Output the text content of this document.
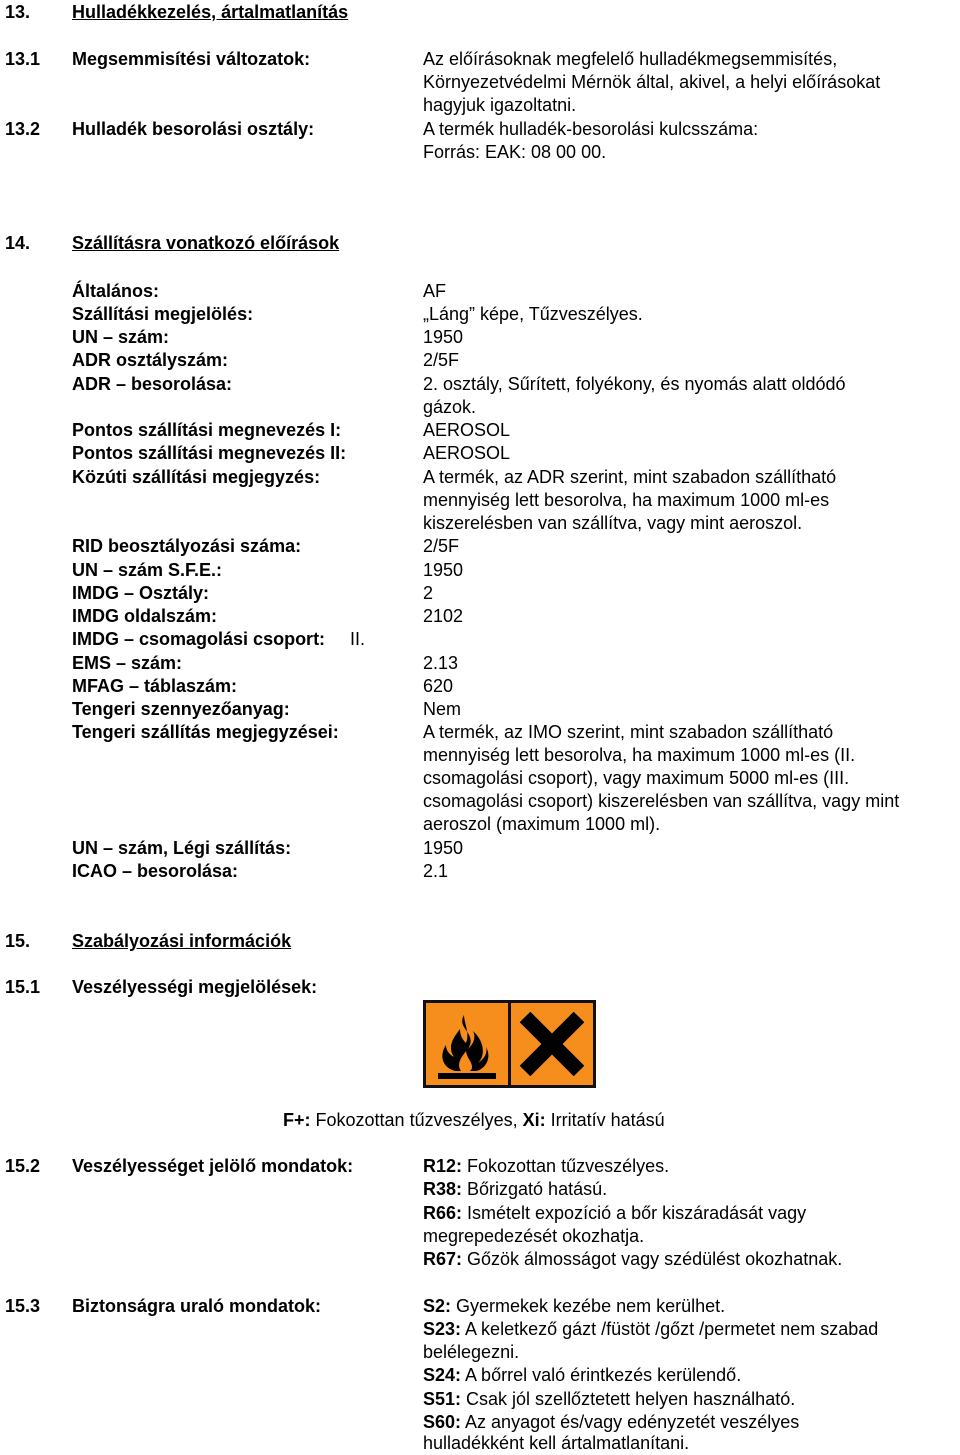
13. Hulladékkezelés, ártalmatlanítás
13.1 Megsemmisítési változatok:	Az előírásoknak megfelelő hulladékmegsemmisítés,
Környezetvédelmi Mérnök által, akivel, a helyi előírásokat
hagyjuk igazoltatni.
13.2 Hulladék besorolási osztály:	A termék hulladék-besorolási kulcsszáma:
Forrás: EAK: 08 00 00.
14. Szállításra vonatkozó előírások
Általános:	AF
Szállítási megjelölés:	„Láng” képe, Tűzveszélyes.
UN – szám:	1950
ADR osztályszám:	2/5F
ADR – besorolása:	2. osztály, Sűrített, folyékony, és nyomás alatt oldódó
gázok.
Pontos szállítási megnevezés I:	AEROSOL
Pontos szállítási megnevezés II:	AEROSOL
Közúti szállítási megjegyzés:	A termék, az ADR szerint, mint szabadon szállítható
mennyiség lett besorolva, ha maximum 1000 ml-es
kiszerelésben van szállítva, vagy mint aeroszol.
RID beosztályozási száma:	2/5F
UN – szám S.F.E.:	1950
IMDG – Osztály:	2
IMDG oldalszám:	2102
IMDG – csomagolási csoport: II.
EMS – szám:	2.13
MFAG – táblaszám:	620
Tengeri szennyezőanyag:	Nem
Tengeri szállítás megjegyzései:	A termék, az IMO szerint, mint szabadon szállítható
mennyiség lett besorolva, ha maximum 1000 ml-es (II.
csomagolási csoport), vagy maximum 5000 ml-es (III.
csomagolási csoport) kiszerelésben van szállítva, vagy mint
aeroszol (maximum 1000 ml).
UN – szám, Légi szállítás:	1950
ICAO – besorolása:	2.1
15. Szabályozási információk
15.1 Veszélyességi megjelölések:
F+: Fokozottan tűzveszélyes, Xi: Irritatív hatású
15.2 Veszélyességet jelölő mondatok:	R12: Fokozottan tűzveszélyes.
R38: Bőrizgató hatású.
R66: Ismételt expozíció a bőr kiszáradását vagy
megrepedezését okozhatja.
R67: Gőzök álmosságot vagy szédülést okozhatnak.
15.3 Biztonságra uraló mondatok:	S2: Gyermekek kezébe nem kerülhet.
S23: A keletkező gázt /füstöt /gőzt /permetet nem szabad
belélegezni.
S24: A bőrrel való érintkezés kerülendő.
S51: Csak jól szellőztetett helyen használható.
S60: Az anyagot és/vagy edényzetét veszélyes
hulladékként kell ártalmatlanítani.
